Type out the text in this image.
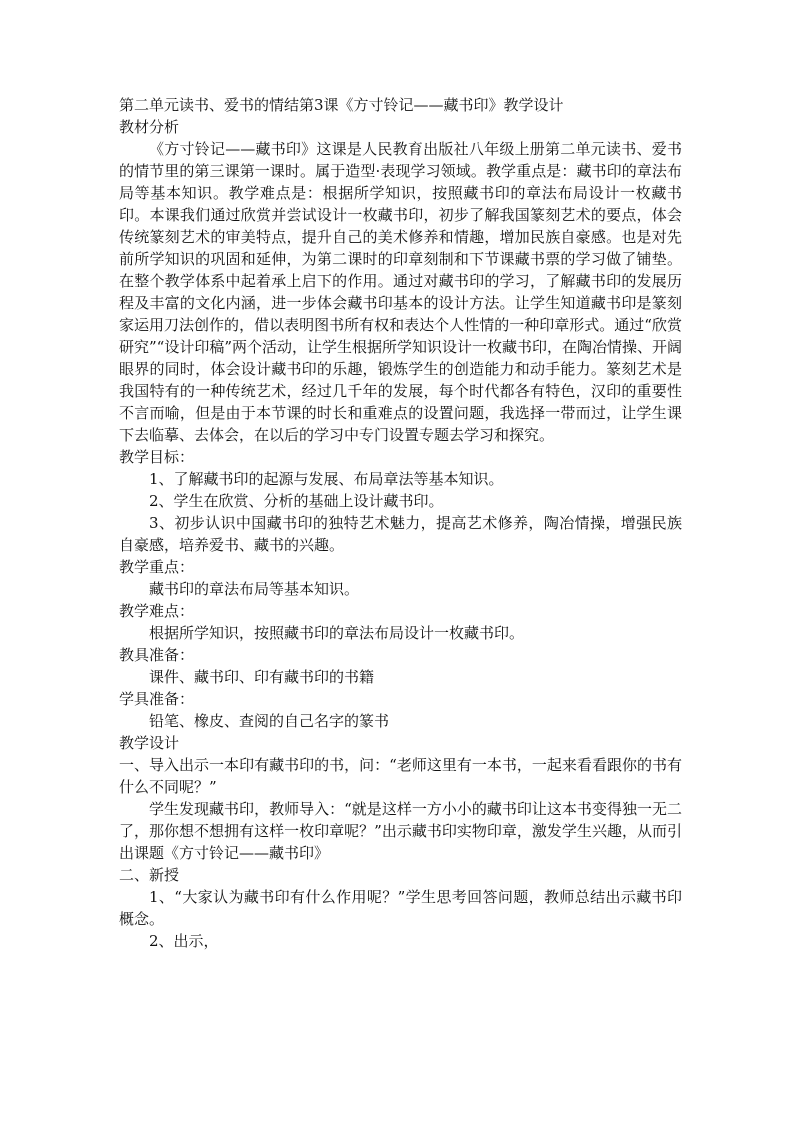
第二单元读书、爱书的情结第3课《方寸铃记——藏书印》教学设计
教材分析
《方寸铃记——藏书印》这课是人民教育出版社八年级上册第二单元读书、爱书的情节里的第三课第一课时。属于造型·表现学习领域。教学重点是：藏书印的章法布局等基本知识。教学难点是：根据所学知识，按照藏书印的章法布局设计一枚藏书印。本课我们通过欣赏并尝试设计一枚藏书印，初步了解我国篆刻艺术的要点，体会传统篆刻艺术的审美特点，提升自己的美术修养和情趣，增加民族自豪感。也是对先前所学知识的巩固和延伸，为第二课时的印章刻制和下节课藏书票的学习做了铺垫。在整个教学体系中起着承上启下的作用。通过对藏书印的学习，了解藏书印的发展历程及丰富的文化内涵，进一步体会藏书印基本的设计方法。让学生知道藏书印是篆刻家运用刀法创作的，借以表明图书所有权和表达个人性情的一种印章形式。通过“欣赏研究”“设计印稿”两个活动，让学生根据所学知识设计一枚藏书印，在陶冶情操、开阔眼界的同时，体会设计藏书印的乐趣，锻炼学生的创造能力和动手能力。篆刻艺术是我国特有的一种传统艺术，经过几千年的发展，每个时代都各有特色，汉印的重要性不言而喻，但是由于本节课的时长和重难点的设置问题，我选择一带而过，让学生课下去临摹、去体会，在以后的学习中专门设置专题去学习和探究。
教学目标：
1、了解藏书印的起源与发展、布局章法等基本知识。
2、学生在欣赏、分析的基础上设计藏书印。
3、初步认识中国藏书印的独特艺术魅力，提高艺术修养，陶冶情操，增强民族自豪感，培养爱书、藏书的兴趣。
教学重点：
藏书印的章法布局等基本知识。
教学难点：
根据所学知识，按照藏书印的章法布局设计一枚藏书印。
教具准备：
课件、藏书印、印有藏书印的书籍
学具准备：
铅笔、橡皮、查阅的自己名字的篆书
教学设计
一、导入出示一本印有藏书印的书，问：“老师这里有一本书，一起来看看跟你的书有什么不同呢？”
学生发现藏书印，教师导入：“就是这样一方小小的藏书印让这本书变得独一无二了，那你想不想拥有这样一枚印章呢？”出示藏书印实物印章，激发学生兴趣，从而引出课题《方寸铃记——藏书印》
二、新授
1、“大家认为藏书印有什么作用呢？”学生思考回答问题，教师总结出示藏书印概念。
2、出示，
